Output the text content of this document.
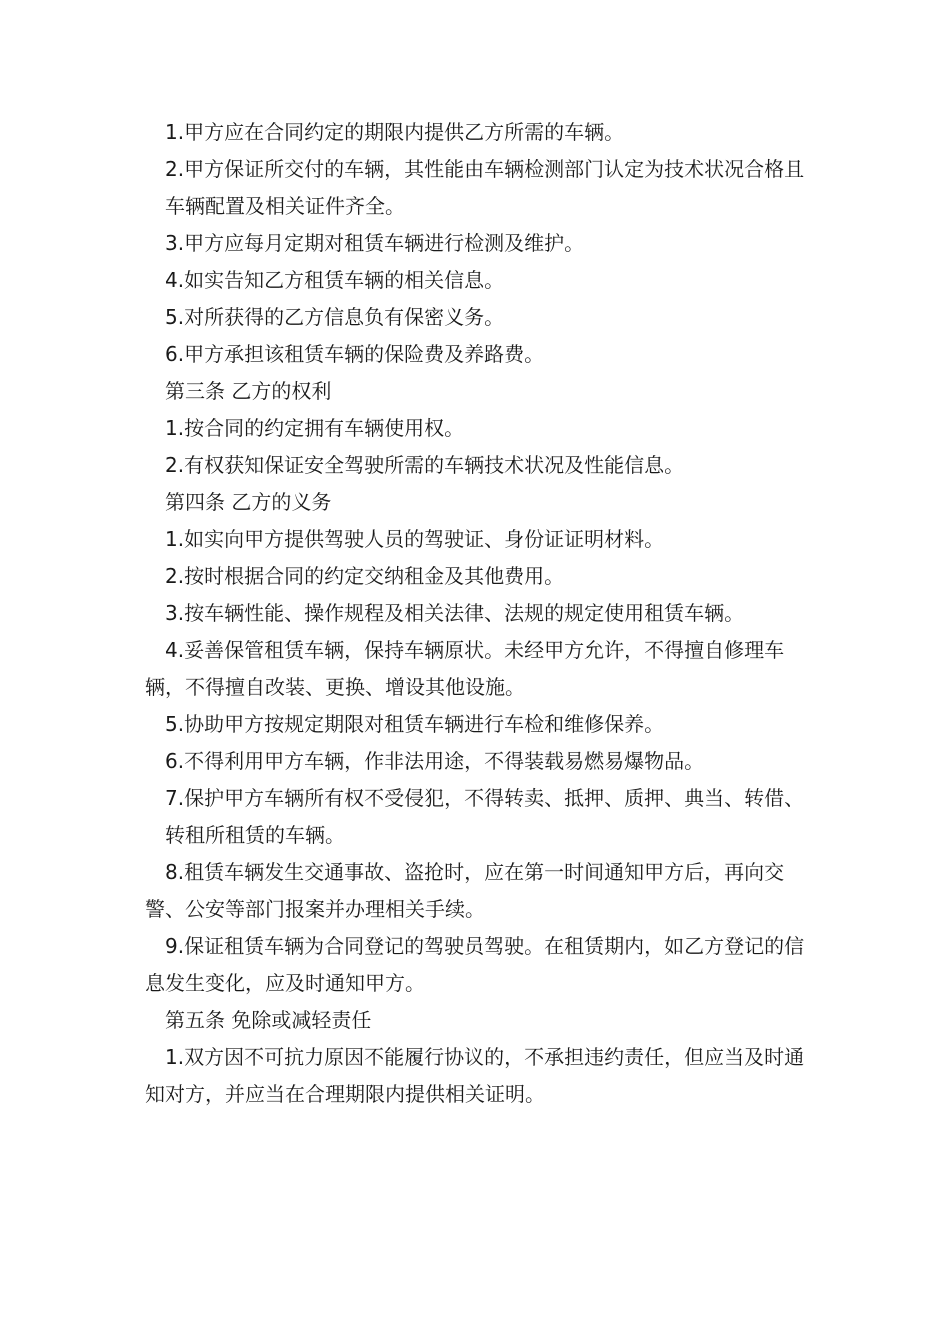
1.甲方应在合同约定的期限内提供乙方所需的车辆。

2.甲方保证所交付的车辆，其性能由车辆检测部门认定为技术状况合格且

车辆配置及相关证件齐全。

3.甲方应每月定期对租赁车辆进行检测及维护。

4.如实告知乙方租赁车辆的相关信息。

5.对所获得的乙方信息负有保密义务。

6.甲方承担该租赁车辆的保险费及养路费。

第三条 乙方的权利

1.按合同的约定拥有车辆使用权。

2.有权获知保证安全驾驶所需的车辆技术状况及性能信息。

第四条 乙方的义务

1.如实向甲方提供驾驶人员的驾驶证、身份证证明材料。

2.按时根据合同的约定交纳租金及其他费用。

3.按车辆性能、操作规程及相关法律、法规的规定使用租赁车辆。

4.妥善保管租赁车辆，保持车辆原状。未经甲方允许，不得擅自修理车辆，不得擅自改装、更换、增设其他设施。

5.协助甲方按规定期限对租赁车辆进行车检和维修保养。

6.不得利用甲方车辆，作非法用途，不得装载易燃易爆物品。

7.保护甲方车辆所有权不受侵犯，不得转卖、抵押、质押、典当、转借、

转租所租赁的车辆。

8.租赁车辆发生交通事故、盗抢时，应在第一时间通知甲方后，再向交警、公安等部门报案并办理相关手续。

9.保证租赁车辆为合同登记的驾驶员驾驶。在租赁期内，如乙方登记的信息发生变化，应及时通知甲方。

第五条 免除或减轻责任

1.双方因不可抗力原因不能履行协议的，不承担违约责任，但应当及时通知对方，并应当在合理期限内提供相关证明。
